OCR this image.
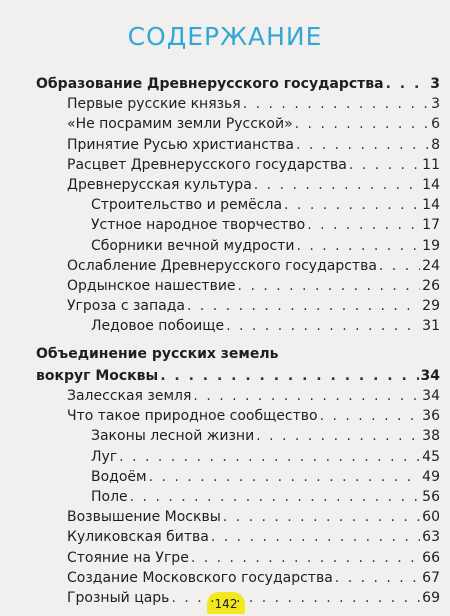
СОДЕРЖАНИЕ
Образование Древнерусского государства . . .	3
Первые русские князья . . .	3
«Не посрамим земли Русской» . . .	6
Принятие Русью христианства . . .	8
Расцвет Древнерусского государства . . .	11
Древнерусская культура . . .	14
Строительство и ремёсла . . .	14
Устное народное творчество . . .	17
Сборники вечной мудрости . . .	19
Ослабление Древнерусского государства . . .	24
Ордынское нашествие . . .	26
Угроза с запада . . .	29
Ледовое побоище . . .	31
Объединение русских земель
вокруг Москвы . . .	34
Залесская земля . . .	34
Что такое природное сообщество . . .	36
Законы лесной жизни . . .	38
Луг . . .	45
Водоём . . .	49
Поле . . .	56
Возвышение Москвы . . .	60
Куликовская битва . . .	63
Стояние на Угре . . .	66
Создание Московского государства . . .	67
142
Грозный царь . . .	69
